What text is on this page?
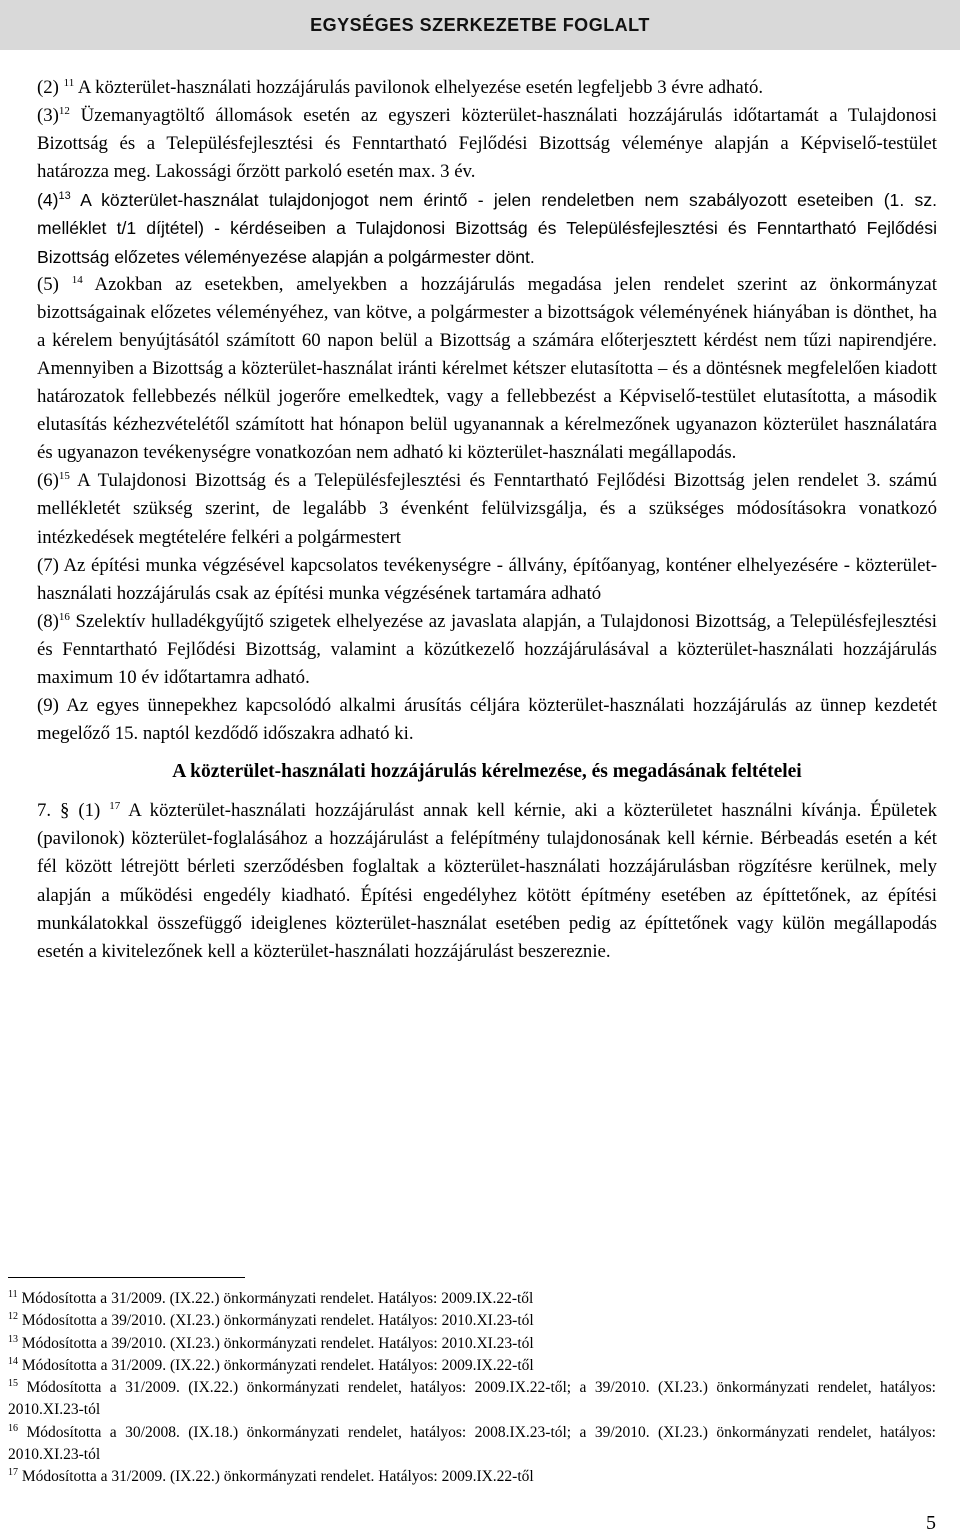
EGYSÉGES SZERKEZETBE FOGLALT

(2) $^{11}$ A közterület-használati hozzájárulás pavilonok elhelyezése esetén legfeljebb 3 évre adható.

$(3)^{12}$ Üzemanyagtöltő állomások esetén az egyszeri közterület-használati hozzájárulás időtartamát a Tulajdonosi Bizottság és a Településfejlesztési és Fenntartható Fejlődési Bizottság véleménye alapján a Képviselő-testület határozza meg. Lakossági őrzött parkoló esetén max. 3 év.

$(4)^{13}$ A közterület-használat tulajdonjogot nem érintő - jelen rendeletben nem szabályozott eseteiben (1. sz. melléklet t/1 díjtétel) - kérdéseiben a Tulajdonosi Bizottság és Településfejlesztési és Fenntartható Fejlődési Bizottság előzetes véleményezése alapján a polgármester dönt.

(5) $^{14}$ Azokban az esetekben, amelyekben a hozzájárulás megadása jelen rendelet szerint az önkormányzat bizottságainak előzetes véleményéhez, van kötve, a polgármester a bizottságok véleményének hiányában is dönthet, ha a kérelem benyújtásától számított 60 napon belül a Bizottság a számára előterjesztett kérdést nem tűzi napirendjére. Amennyiben a Bizottság a közterület-használat iránti kérelmet kétszer elutasította – és a döntésnek megfelelően kiadott határozatok fellebbezés nélkül jogerőre emelkedtek, vagy a fellebbezést a Képviselő-testület elutasította, a második elutasítás kézhezvételétől számított hat hónapon belül ugyanannak a kérelmezőnek ugyanazon közterület használatára és ugyanazon tevékenységre vonatkozóan nem adható ki közterület-használati megállapodás.

$(6)^{15}$ A Tulajdonosi Bizottság és a Településfejlesztési és Fenntartható Fejlődési Bizottság jelen rendelet 3. számú mellékletét szükség szerint, de legalább 3 évenként felülvizsgálja, és a szükséges módosításokra vonatkozó intézkedések megtételére felkéri a polgármestert

(7) Az építési munka végzésével kapcsolatos tevékenységre - állvány, építőanyag, konténer elhelyezésére - közterület-használati hozzájárulás csak az építési munka végzésének tartamára adható

$(8)^{16}$ Szelektív hulladékgyűjtő szigetek elhelyezése az javaslata alapján, a Tulajdonosi Bizottság, a Településfejlesztési és Fenntartható Fejlődési Bizottság, valamint a közútkezelő hozzájárulásával a közterület-használati hozzájárulás maximum 10 év időtartamra adható.

(9) Az egyes ünnepekhez kapcsolódó alkalmi árusítás céljára közterület-használati hozzájárulás az ünnep kezdetét megelőző 15. naptól kezdődő időszakra adható ki.

A közterület-használati hozzájárulás kérelmezése, és megadásának feltételei

7. § (1) $^{17}$ A közterület-használati hozzájárulást annak kell kérnie, aki a közterületet használni kívánja. Épületek (pavilonok) közterület-foglalásához a hozzájárulást a felépítmény tulajdonosának kell kérnie. Bérbeadás esetén a két fél között létrejött bérleti szerződésben foglaltak a közterület-használati hozzájárulásban rögzítésre kerülnek, mely alapján a működési engedély kiadható. Építési engedélyhez kötött építmény esetében az építtetőnek, az építési munkálatokkal összefüggő ideiglenes közterület-használat esetében pedig az építtetőnek vagy külön megállapodás esetén a kivitelezőnek kell a közterület-használati hozzájárulást beszereznie.

$^{11}$ Módosította a 31/2009. (IX.22.) önkormányzati rendelet. Hatályos: 2009.IX.22-től

$^{12}$ Módosította a 39/2010. (XI.23.) önkormányzati rendelet. Hatályos: 2010.XI.23-tól

$^{13}$ Módosította a 39/2010. (XI.23.) önkormányzati rendelet. Hatályos: 2010.XI.23-tól

$^{14}$ Módosította a 31/2009. (IX.22.) önkormányzati rendelet. Hatályos: 2009.IX.22-től

$^{15}$ Módosította a 31/2009. (IX.22.) önkormányzati rendelet, hatályos: 2009.IX.22-től; a 39/2010. (XI.23.) önkormányzati rendelet, hatályos: 2010.XI.23-tól

$^{16}$ Módosította a 30/2008. (IX.18.) önkormányzati rendelet, hatályos: 2008.IX.23-tól; a 39/2010. (XI.23.) önkormányzati rendelet, hatályos: 2010.XI.23-tól

$^{17}$ Módosította a 31/2009. (IX.22.) önkormányzati rendelet. Hatályos: 2009.IX.22-től

5
